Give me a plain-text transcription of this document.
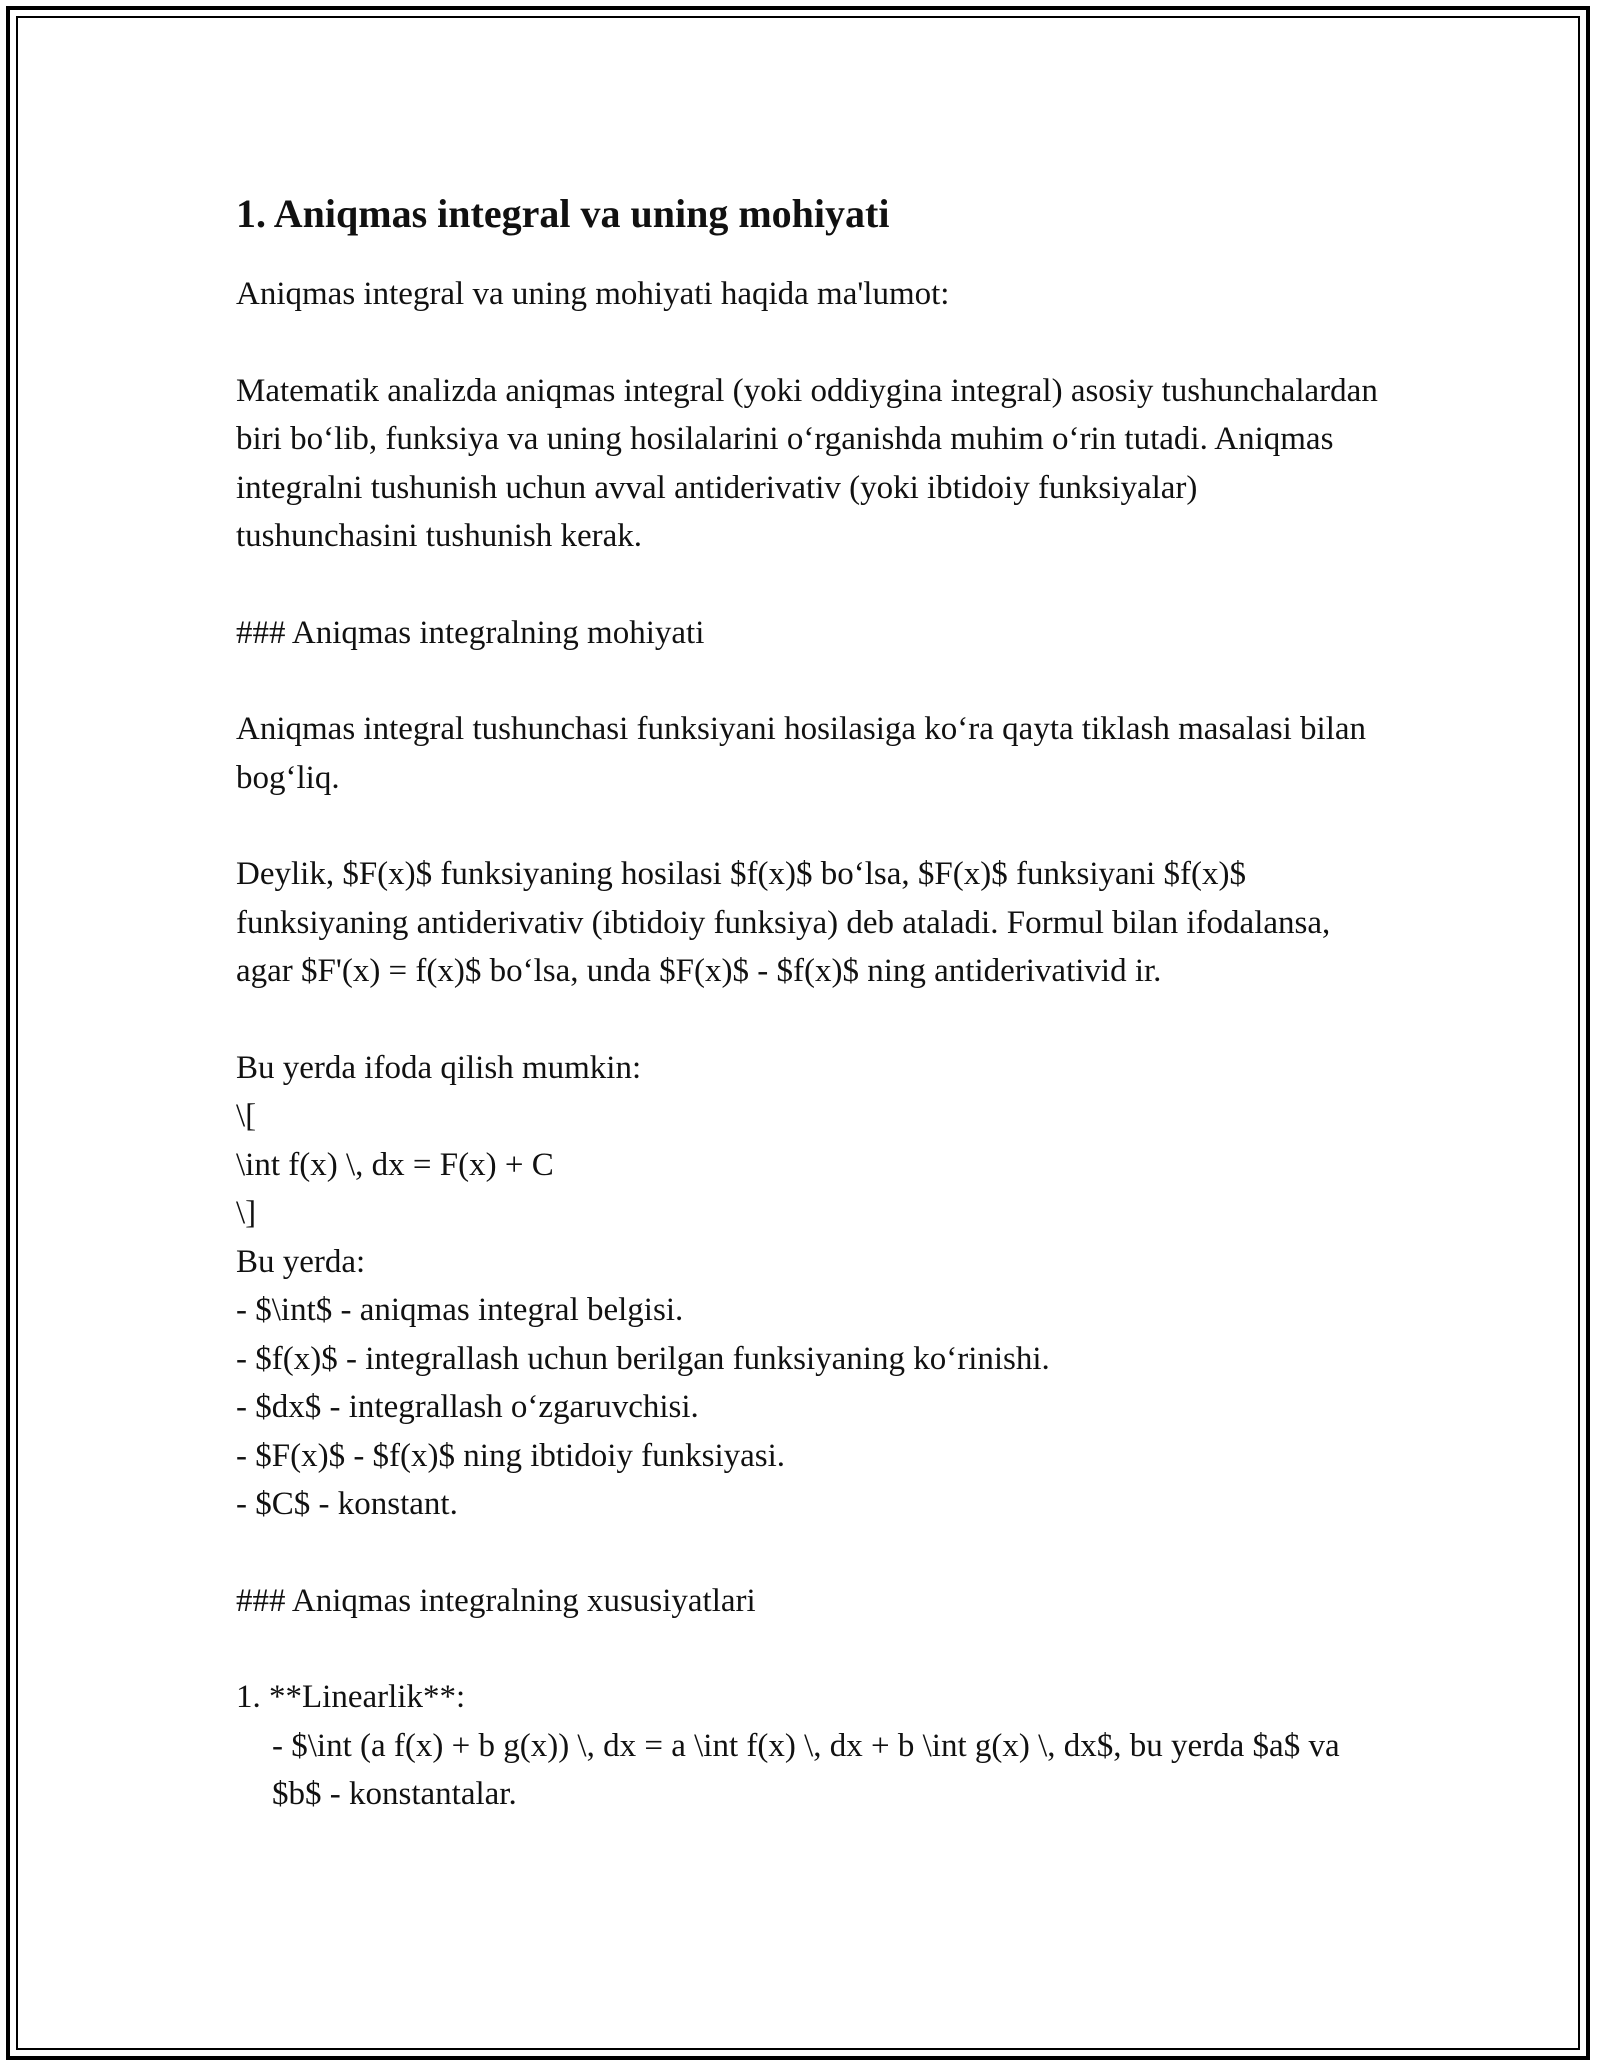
1. Aniqmas integral va uning mohiyati

Aniqmas integral va uning mohiyati haqida ma'lumot:

Matematik analizda aniqmas integral (yoki oddiygina integral) asosiy tushunchalardan biri bo‘lib, funksiya va uning hosilalarini o‘rganishda muhim o‘rin tutadi. Aniqmas integralni tushunish uchun avval antiderivativ (yoki ibtidoiy funksiyalar) tushunchasini tushunish kerak.

### Aniqmas integralning mohiyati

Aniqmas integral tushunchasi funksiyani hosilasiga ko‘ra qayta tiklash masalasi bilan bog‘liq.

Deylik, $F(x)$ funksiyaning hosilasi $f(x)$ bo‘lsa, $F(x)$ funksiyani $f(x)$ funksiyaning antiderivativ (ibtidoiy funksiya) deb ataladi. Formul bilan ifodalansa, agar $F'(x) = f(x)$ bo‘lsa, unda $F(x)$ - $f(x)$ ning antiderivativid ir.

Bu yerda ifoda qilish mumkin:
\[
\int f(x) \, dx = F(x) + C
\]
Bu yerda:
- $\int$ - aniqmas integral belgisi.
- $f(x)$ - integrallash uchun berilgan funksiyaning ko‘rinishi.
- $dx$ - integrallash o‘zgaruvchisi.
- $F(x)$ - $f(x)$ ning ibtidoiy funksiyasi.
- $C$ - konstant.

### Aniqmas integralning xususiyatlari

1. **Linearlik**:
- $\int (a f(x) + b g(x)) \, dx = a \int f(x) \, dx + b \int g(x) \, dx$, bu yerda $a$ va $b$ - konstantalar.
